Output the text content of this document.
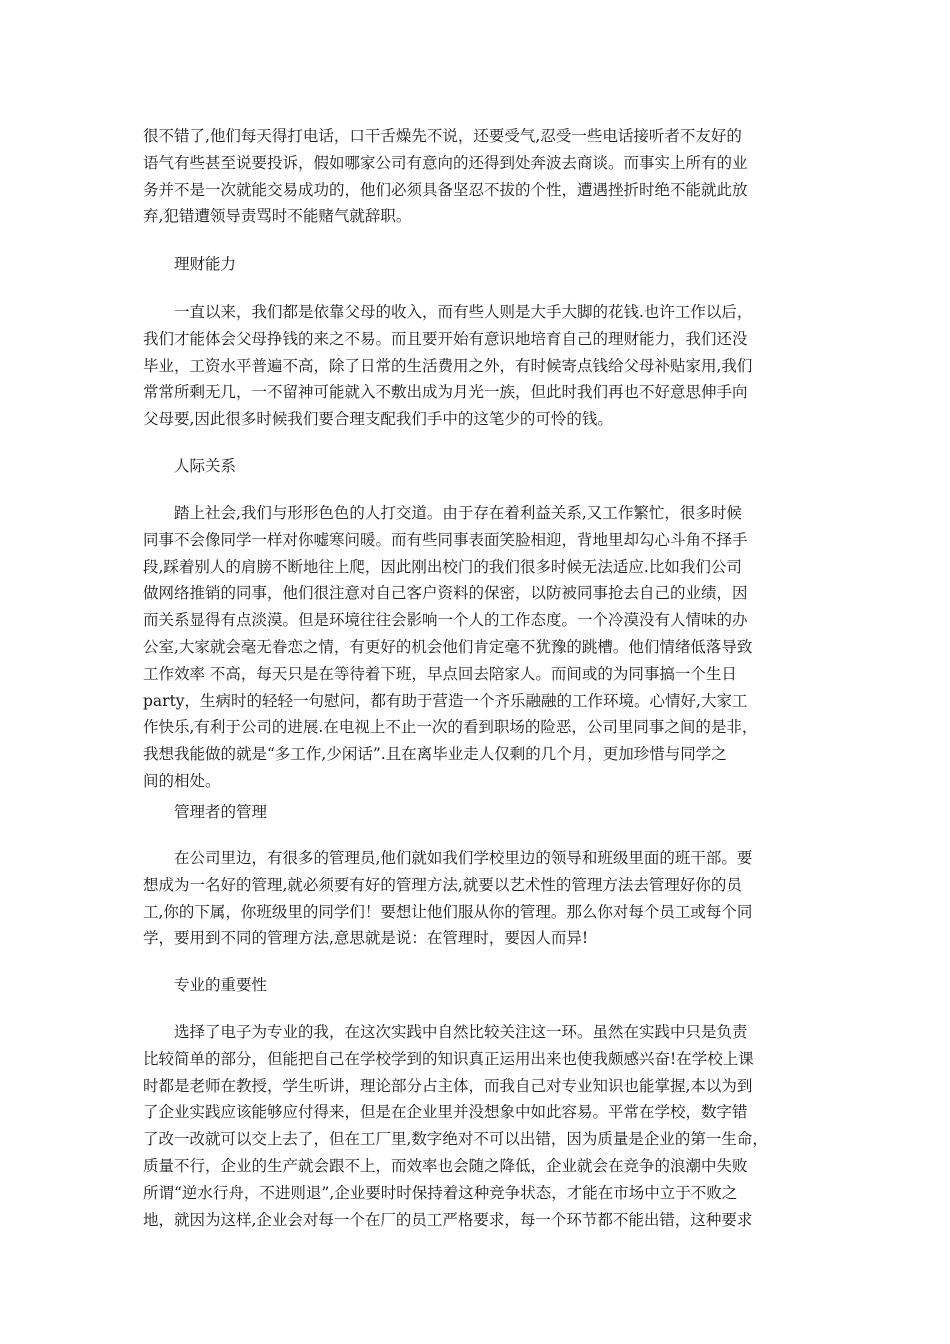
很不错了,他们每天得打电话，口干舌燥先不说，还要受气,忍受一些电话接听者不友好的
语气有些甚至说要投诉，假如哪家公司有意向的还得到处奔波去商谈。而事实上所有的业
务并不是一次就能交易成功的，他们必须具备坚忍不拔的个性，遭遇挫折时绝不能就此放
弃,犯错遭领导责骂时不能赌气就辞职。
理财能力
一直以来，我们都是依靠父母的收入，而有些人则是大手大脚的花钱.也许工作以后，
我们才能体会父母挣钱的来之不易。而且要开始有意识地培育自己的理财能力，我们还没
毕业，工资水平普遍不高，除了日常的生活费用之外，有时候寄点钱给父母补贴家用,我们
常常所剩无几，一不留神可能就入不敷出成为月光一族，但此时我们再也不好意思伸手向
父母要,因此很多时候我们要合理支配我们手中的这笔少的可怜的钱。
人际关系
踏上社会,我们与形形色色的人打交道。由于存在着利益关系,又工作繁忙，很多时候
同事不会像同学一样对你嘘寒问暖。而有些同事表面笑脸相迎，背地里却勾心斗角不择手
段,踩着别人的肩膀不断地往上爬，因此刚出校门的我们很多时候无法适应.比如我们公司
做网络推销的同事，他们很注意对自己客户资料的保密，以防被同事抢去自己的业绩，因
而关系显得有点淡漠。但是环境往往会影响一个人的工作态度。一个冷漠没有人情味的办
公室,大家就会毫无眷恋之情，有更好的机会他们肯定毫不犹豫的跳槽。他们情绪低落导致
工作效率 不高，每天只是在等待着下班，早点回去陪家人。而间或的为同事搞一个生日
party，生病时的轻轻一句慰问，都有助于营造一个齐乐融融的工作环境。心情好,大家工
作快乐,有利于公司的进展.在电视上不止一次的看到职场的险恶，公司里同事之间的是非，
我想我能做的就是“多工作,少闲话”.且在离毕业走人仅剩的几个月，更加珍惜与同学之
间的相处。
管理者的管理
在公司里边，有很多的管理员,他们就如我们学校里边的领导和班级里面的班干部。要
想成为一名好的管理,就必须要有好的管理方法,就要以艺术性的管理方法去管理好你的员
工,你的下属，你班级里的同学们！要想让他们服从你的管理。那么你对每个员工或每个同
学，要用到不同的管理方法,意思就是说：在管理时，要因人而异!
专业的重要性
选择了电子为专业的我，在这次实践中自然比较关注这一环。虽然在实践中只是负责
比较简单的部分，但能把自己在学校学到的知识真正运用出来也使我颇感兴奋!在学校上课
时都是老师在教授，学生听讲，理论部分占主体，而我自己对专业知识也能掌握,本以为到
了企业实践应该能够应付得来，但是在企业里并没想象中如此容易。平常在学校，数字错
了改一改就可以交上去了，但在工厂里,数字绝对不可以出错，因为质量是企业的第一生命，
质量不行，企业的生产就会跟不上，而效率也会随之降低，企业就会在竞争的浪潮中失败
所谓“逆水行舟，不进则退”,企业要时时保持着这种竞争状态，才能在市场中立于不败之
地，就因为这样,企业会对每一个在厂的员工严格要求，每一个环节都不能出错，这种要求
